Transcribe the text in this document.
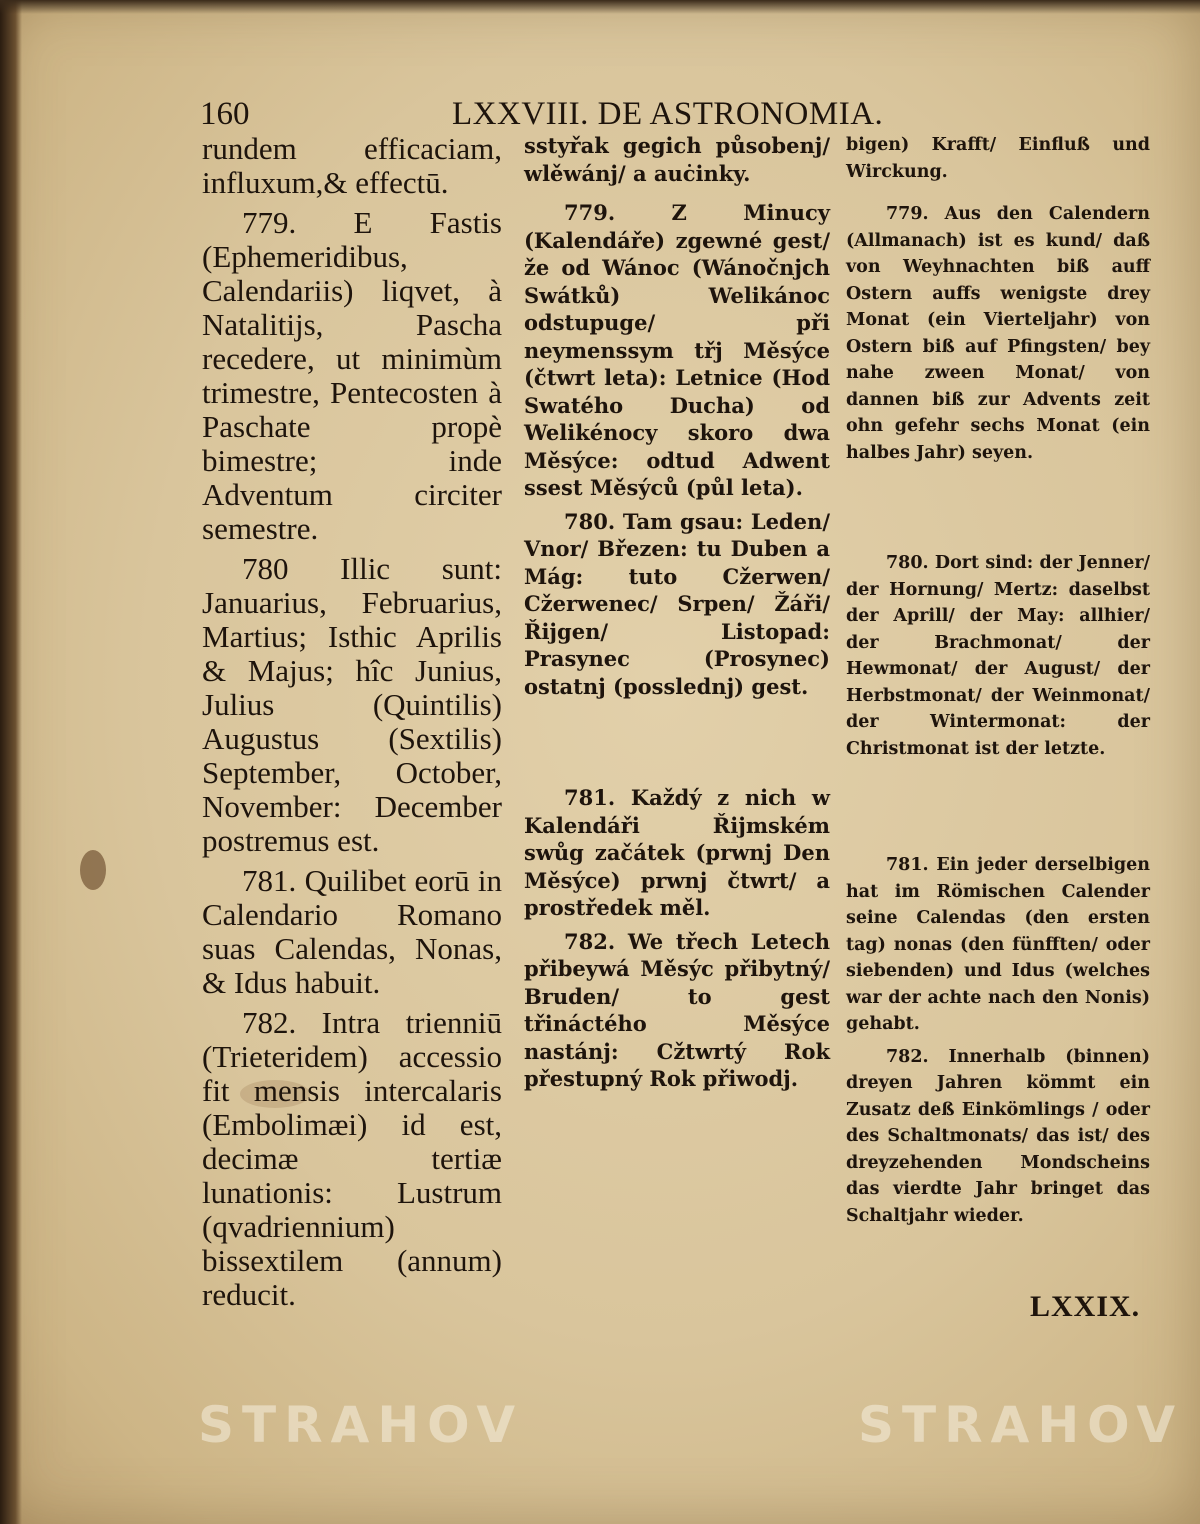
160	LXXVIII. DE ASTRONOMIA.

rundem efficaciam, influxum,& effectū.

779. E Fastis (Ephemeridibus, Calendariis) liqvet, à Natalitijs, Pascha recedere, ut minimùm trimestre, Pentecosten à Paschate propè bimestre; inde Adventum circiter semestre.

780 Illic sunt: Januarius, Februarius, Martius; Isthic Aprilis & Majus; hîc Junius, Julius (Quintilis) Augustus (Sextilis) September, October, November: December postremus est.

781. Quilibet eorū in Calendario Romano suas Calendas, Nonas, & Idus habuit.

782. Intra trienniū (Trieteridem) accessio fit mensis intercalaris (Embolimæi) id est, decimæ tertiæ lunationis: Lustrum (qvadriennium) bissextilem (annum) reducit.

sstyřak gegich působenj/ wlěwánj/ a auċinky.

779. Z Minucy (Kalendáře) zgewné gest/ že od Wánoc (Wánočnjch Swátků) Welikánoc odstupuge/ při neymenssym třj Měsýce (čtwrt leta): Letnice (Hod Swatého Ducha) od Welikénocy skoro dwa Měsýce: odtud Adwent ssest Měsýců (půl leta).

780. Tam gsau: Leden/ Vnor/ Březen: tu Duben a Mág: tuto Cžerwen/ Cžerwenec/ Srpen/ Žáři/ Řijgen/ Listopad: Prasynec (Prosynec) ostatnj (posslednj) gest.

781. Každý z nich w Kalendáři Řijmském swůg začátek (prwnj Den Měsýce) prwnj čtwrt/ a prostředek měl.

782. We třech Letech přibeywá Měsýc přibytný/ Bruden/ to gest třináctého Měsýce nastánj: Cžtwrtý Rok přestupný Rok přiwodj.

bigen) Krafft/ Einfluß und Wirckung.

779. Aus den Calendern (Allmanach) ist es kund/ daß von Weyhnachten biß auff Ostern auffs wenigste drey Monat (ein Vierteljahr) von Ostern biß auf Pfingsten/ bey nahe zween Monat/ von dannen biß zur Advents zeit ohn gefehr sechs Monat (ein halbes Jahr) seyen.

780. Dort sind: der Jenner/ der Hornung/ Mertz: daselbst der Aprill/ der May: allhier/ der Brachmonat/ der Hewmonat/ der August/ der Herbstmonat/ der Weinmonat/ der Wintermonat: der Christmonat ist der letzte.

781. Ein jeder derselbigen hat im Römischen Calender seine Calendas (den ersten tag) nonas (den fünfften/ oder siebenden) und Idus (welches war der achte nach den Nonis) gehabt.

782. Innerhalb (binnen) dreyen Jahren kömmt ein Zusatz deß Einkömlings / oder des Schaltmonats/ das ist/ des dreyzehenden Mondscheins das vierdte Jahr bringet das Schaltjahr wieder.

LXXIX.
STRAHOV	STRAHOV
